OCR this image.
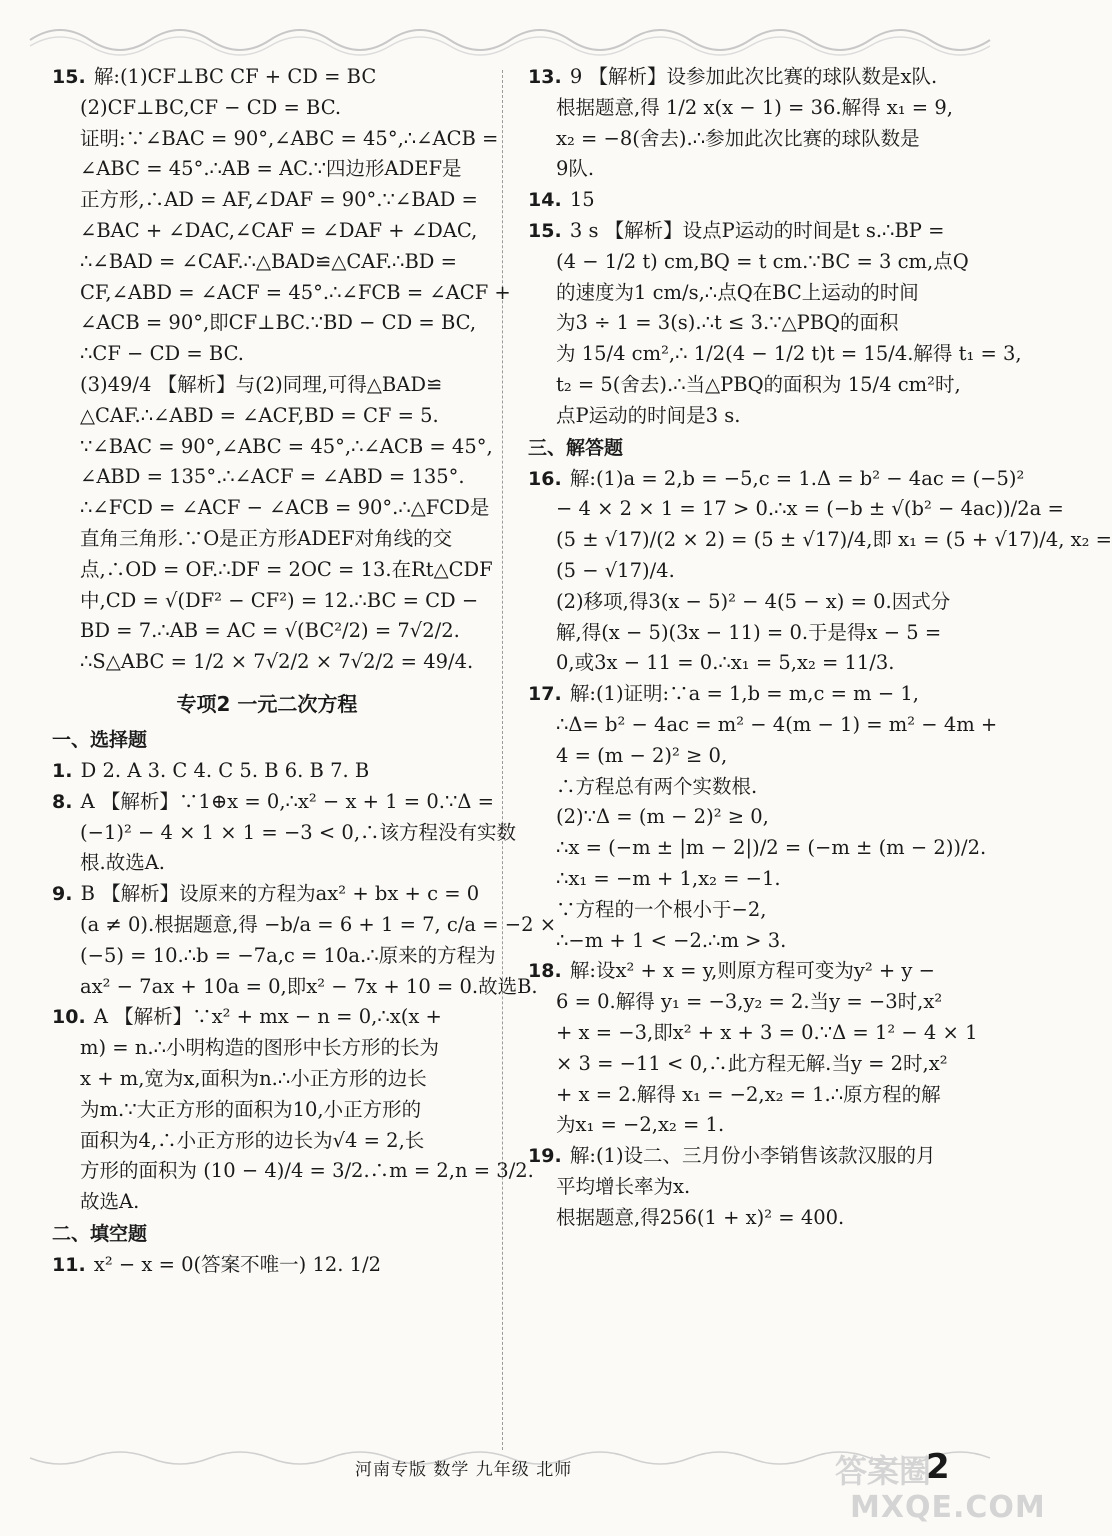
15. 解:(1)CF⊥BC CF + CD = BC
(2)CF⊥BC,CF − CD = BC.
证明:∵∠BAC = 90°,∠ABC = 45°,∴∠ACB =
∠ABC = 45°.∴AB = AC.∵四边形ADEF是
正方形,∴AD = AF,∠DAF = 90°.∵∠BAD =
∠BAC + ∠DAC,∠CAF = ∠DAF + ∠DAC,
∴∠BAD = ∠CAF.∴△BAD≌△CAF.∴BD =
CF,∠ABD = ∠ACF = 45°.∴∠FCB = ∠ACF +
∠ACB = 90°,即CF⊥BC.∵BD − CD = BC,
∴CF − CD = BC.
(3)49/4 【解析】与(2)同理,可得△BAD≌
△CAF.∴∠ABD = ∠ACF,BD = CF = 5.
∵∠BAC = 90°,∠ABC = 45°,∴∠ACB = 45°,
∠ABD = 135°.∴∠ACF = ∠ABD = 135°.
∴∠FCD = ∠ACF − ∠ACB = 90°.∴△FCD是
直角三角形.∵O是正方形ADEF对角线的交
点,∴OD = OF.∴DF = 2OC = 13.在Rt△CDF
中,CD = √(DF² − CF²) = 12.∴BC = CD −
BD = 7.∴AB = AC = √(BC²/2) = 7√2/2.
∴S△ABC = 1/2 × 7√2/2 × 7√2/2 = 49/4.
专项2 一元二次方程
一、选择题
1. D 2. A 3. C 4. C 5. B 6. B 7. B
8. A 【解析】∵1⊕x = 0,∴x² − x + 1 = 0.∵Δ =
(−1)² − 4 × 1 × 1 = −3 < 0,∴该方程没有实数
根.故选A.
9. B 【解析】设原来的方程为ax² + bx + c = 0
(a ≠ 0).根据题意,得 −b/a = 6 + 1 = 7, c/a = −2 ×
(−5) = 10.∴b = −7a,c = 10a.∴原来的方程为
ax² − 7ax + 10a = 0,即x² − 7x + 10 = 0.故选B.
10. A 【解析】∵x² + mx − n = 0,∴x(x +
m) = n.∴小明构造的图形中长方形的长为
x + m,宽为x,面积为n.∴小正方形的边长
为m.∵大正方形的面积为10,小正方形的
面积为4,∴小正方形的边长为√4 = 2,长
方形的面积为 (10 − 4)/4 = 3/2.∴m = 2,n = 3/2.
故选A.
二、填空题
11. x² − x = 0(答案不唯一) 12. 1/2
13. 9 【解析】设参加此次比赛的球队数是x队.
根据题意,得 1/2 x(x − 1) = 36.解得 x₁ = 9,
x₂ = −8(舍去).∴参加此次比赛的球队数是
9队.
14. 15
15. 3 s 【解析】设点P运动的时间是t s.∴BP =
(4 − 1/2 t) cm,BQ = t cm.∵BC = 3 cm,点Q
的速度为1 cm/s,∴点Q在BC上运动的时间
为3 ÷ 1 = 3(s).∴t ≤ 3.∵△PBQ的面积
为 15/4 cm²,∴ 1/2(4 − 1/2 t)t = 15/4.解得 t₁ = 3,
t₂ = 5(舍去).∴当△PBQ的面积为 15/4 cm²时,
点P运动的时间是3 s.
三、解答题
16. 解:(1)a = 2,b = −5,c = 1.Δ = b² − 4ac = (−5)²
− 4 × 2 × 1 = 17 > 0.∴x = (−b ± √(b² − 4ac))/2a =
(5 ± √17)/(2 × 2) = (5 ± √17)/4,即 x₁ = (5 + √17)/4, x₂ =
(5 − √17)/4.
(2)移项,得3(x − 5)² − 4(5 − x) = 0.因式分
解,得(x − 5)(3x − 11) = 0.于是得x − 5 =
0,或3x − 11 = 0.∴x₁ = 5,x₂ = 11/3.
17. 解:(1)证明:∵a = 1,b = m,c = m − 1,
∴Δ= b² − 4ac = m² − 4(m − 1) = m² − 4m +
4 = (m − 2)² ≥ 0,
∴方程总有两个实数根.
(2)∵Δ = (m − 2)² ≥ 0,
∴x = (−m ± |m − 2|)/2 = (−m ± (m − 2))/2.
∴x₁ = −m + 1,x₂ = −1.
∵方程的一个根小于−2,
∴−m + 1 < −2.∴m > 3.
18. 解:设x² + x = y,则原方程可变为y² + y −
6 = 0.解得 y₁ = −3,y₂ = 2.当y = −3时,x²
+ x = −3,即x² + x + 3 = 0.∵Δ = 1² − 4 × 1
× 3 = −11 < 0,∴此方程无解.当y = 2时,x²
+ x = 2.解得 x₁ = −2,x₂ = 1.∴原方程的解
为x₁ = −2,x₂ = 1.
19. 解:(1)设二、三月份小李销售该款汉服的月
平均增长率为x.
根据题意,得256(1 + x)² = 400.
河南专版 数学 九年级 北师	答案圈
MXQE.COM
2
